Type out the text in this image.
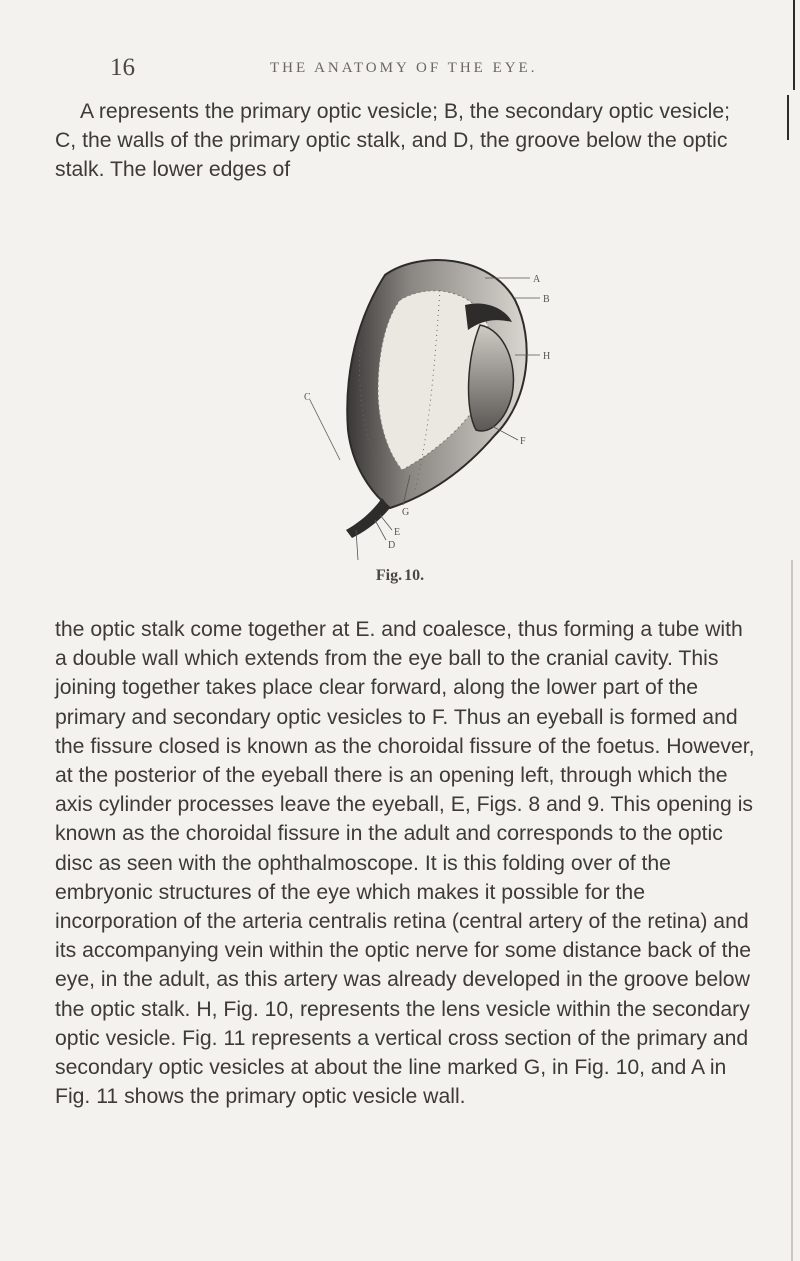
16	THE ANATOMY OF THE EYE.

A represents the primary optic vesicle; B, the secondary optic vesicle; C, the walls of the primary optic stalk, and D, the groove below the optic stalk. The lower edges of

A
B
H
C
F
G
E
D
Fig. 10.

the optic stalk come together at E. and coalesce, thus forming a tube with a double wall which extends from the eye ball to the cranial cavity. This joining together takes place clear forward, along the lower part of the primary and secondary optic vesicles to F. Thus an eyeball is formed and the fissure closed is known as the choroidal fissure of the foetus. However, at the posterior of the eyeball there is an opening left, through which the axis cylinder processes leave the eyeball, E, Figs. 8 and 9. This opening is known as the choroidal fissure in the adult and corresponds to the optic disc as seen with the ophthalmoscope. It is this folding over of the embryonic structures of the eye which makes it possible for the incorporation of the arteria centralis retina (central artery of the retina) and its accompanying vein within the optic nerve for some distance back of the eye, in the adult, as this artery was already developed in the groove below the optic stalk. H, Fig. 10, represents the lens vesicle within the secondary optic vesicle. Fig. 11 represents a vertical cross section of the primary and secondary optic vesicles at about the line marked G, in Fig. 10, and A in Fig. 11 shows the primary optic vesicle wall.
